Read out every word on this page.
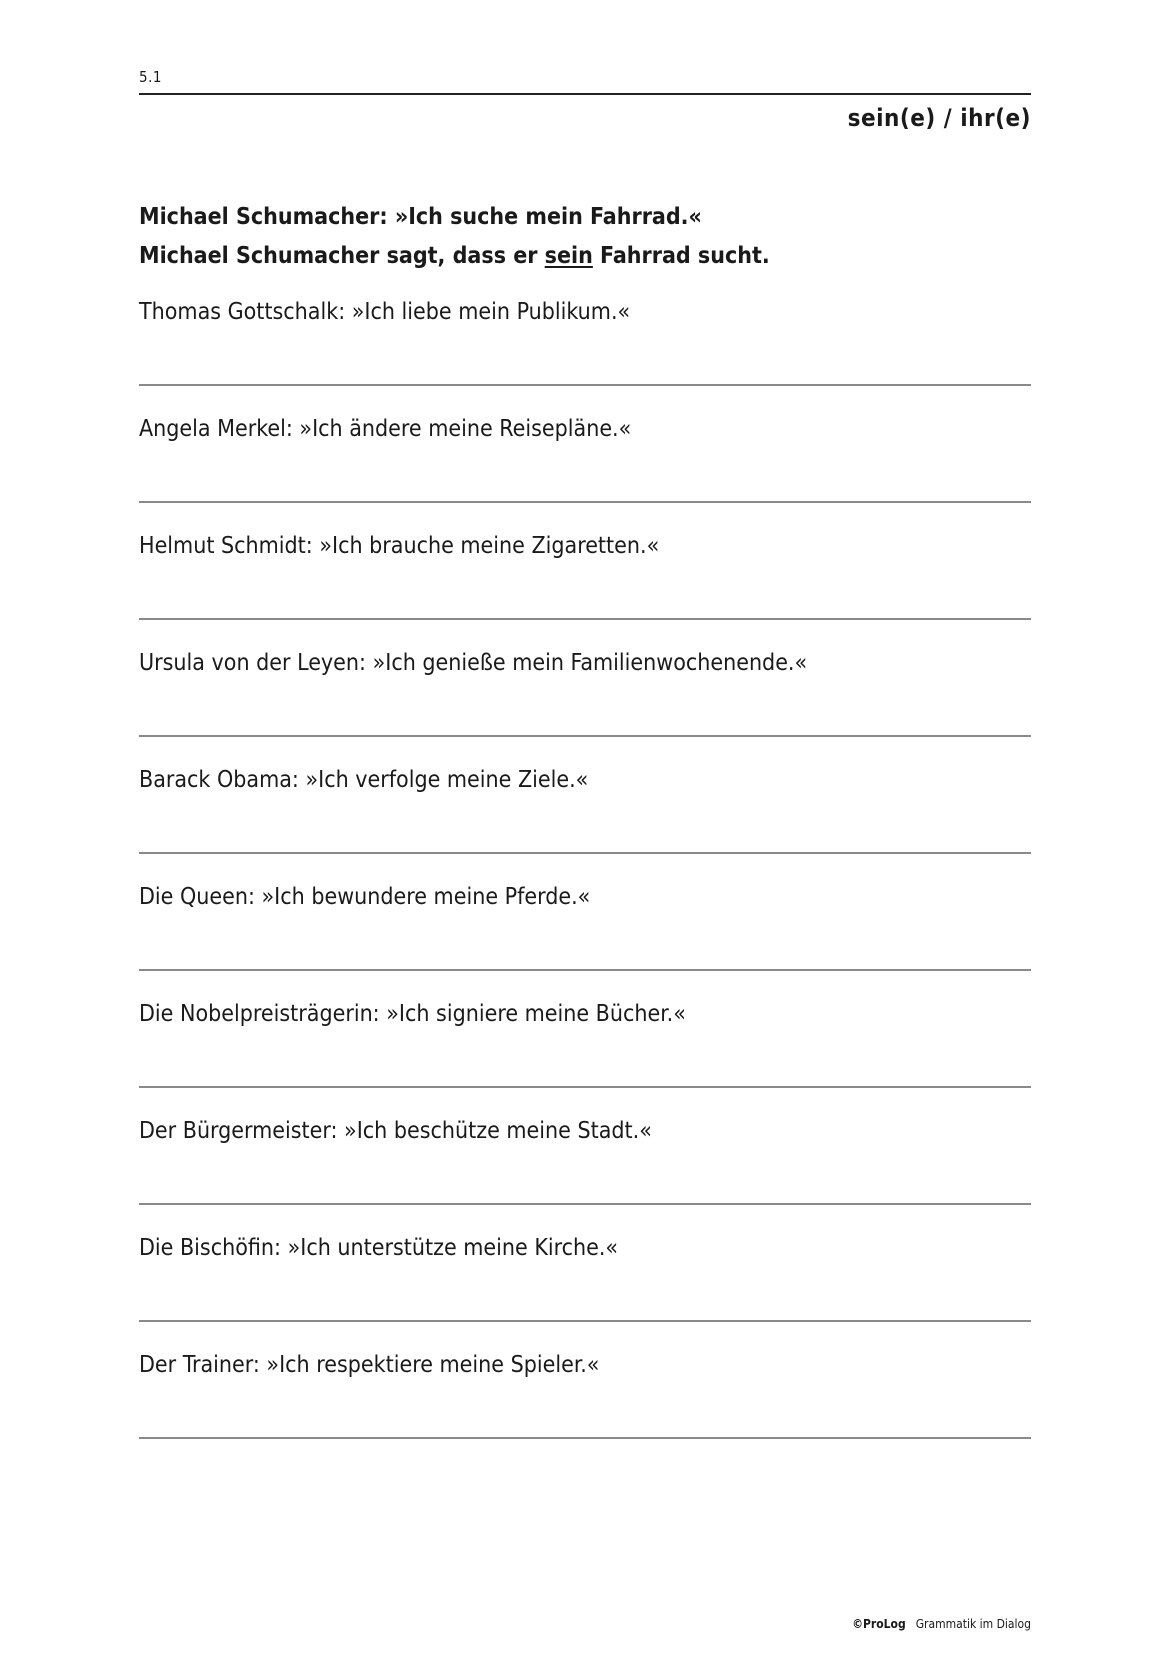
5.1
sein(e) / ihr(e)
Michael Schumacher: »Ich suche mein Fahrrad.«
Michael Schumacher sagt, dass er sein Fahrrad sucht.
Thomas Gottschalk: »Ich liebe mein Publikum.«
Angela Merkel: »Ich ändere meine Reisepläne.«
Helmut Schmidt: »Ich brauche meine Zigaretten.«
Ursula von der Leyen: »Ich genieße mein Familienwochenende.«
Barack Obama: »Ich verfolge meine Ziele.«
Die Queen: »Ich bewundere meine Pferde.«
Die Nobelpreisträgerin: »Ich signiere meine Bücher.«
Der Bürgermeister: »Ich beschütze meine Stadt.«
Die Bischöfin: »Ich unterstütze meine Kirche.«
Der Trainer: »Ich respektiere meine Spieler.«
©ProLog Grammatik im Dialog
